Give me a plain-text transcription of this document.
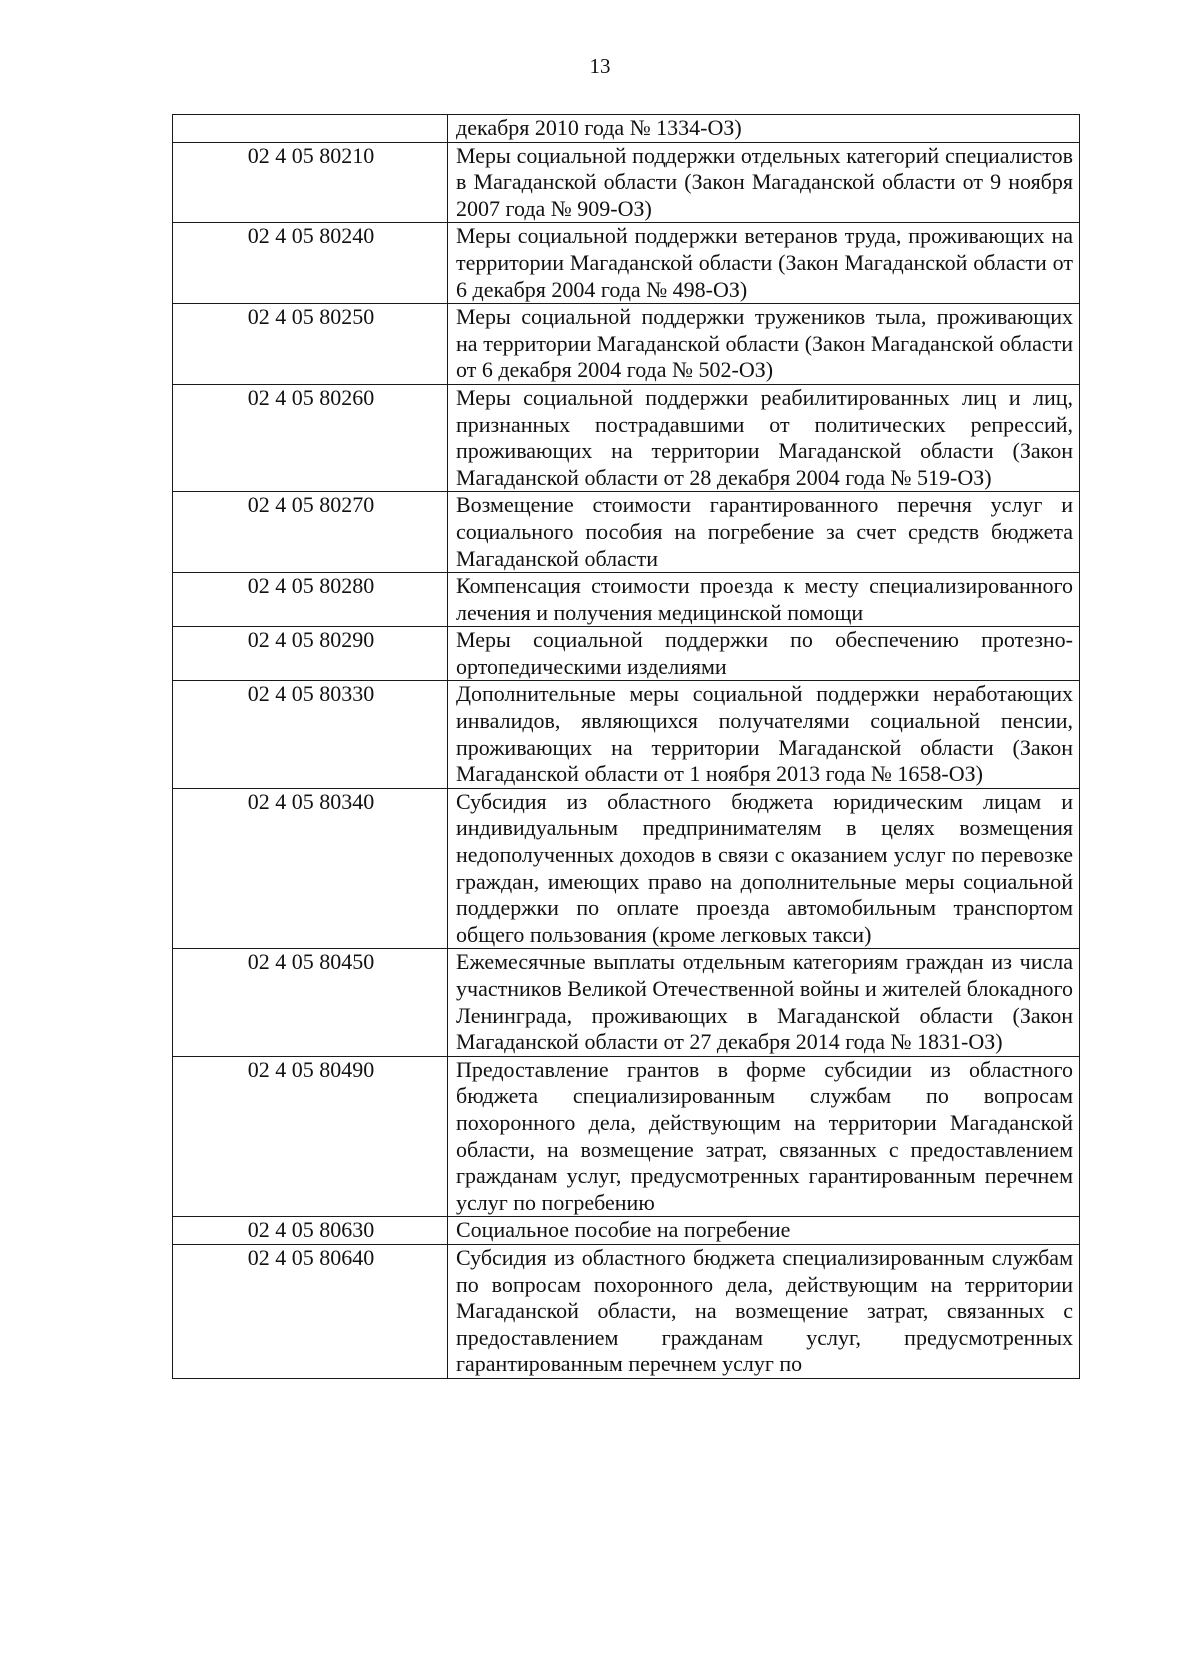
13
	декабря 2010 года № 1334-ОЗ)
02 4 05 80210	Меры социальной поддержки отдельных категорий специалистов в Магаданской области (Закон Магаданской области от 9 ноября 2007 года № 909-ОЗ)
02 4 05 80240	Меры социальной поддержки ветеранов труда, проживающих на территории Магаданской области (Закон Магаданской области от 6 декабря 2004 года № 498-ОЗ)
02 4 05 80250	Меры социальной поддержки тружеников тыла, проживающих на территории Магаданской области (Закон Магаданской области от 6 декабря 2004 года № 502-ОЗ)
02 4 05 80260	Меры социальной поддержки реабилитированных лиц и лиц, признанных пострадавшими от политических репрессий, проживающих на территории Магаданской области (Закон Магаданской области от 28 декабря 2004 года № 519-ОЗ)
02 4 05 80270	Возмещение стоимости гарантированного перечня услуг и социального пособия на погребение за счет средств бюджета Магаданской области
02 4 05 80280	Компенсация стоимости проезда к месту специализированного лечения и получения медицинской помощи
02 4 05 80290	Меры социальной поддержки по обеспечению протезно-ортопедическими изделиями
02 4 05 80330	Дополнительные меры социальной поддержки неработающих инвалидов, являющихся получателями социальной пенсии, проживающих на территории Магаданской области (Закон Магаданской области от 1 ноября 2013 года № 1658-ОЗ)
02 4 05 80340	Субсидия из областного бюджета юридическим лицам и индивидуальным предпринимателям в целях возмещения недополученных доходов в связи с оказанием услуг по перевозке граждан, имеющих право на дополнительные меры социальной поддержки по оплате проезда автомобильным транспортом общего пользования (кроме легковых такси)
02 4 05 80450	Ежемесячные выплаты отдельным категориям граждан из числа участников Великой Отечественной войны и жителей блокадного Ленинграда, проживающих в Магаданской области (Закон Магаданской области от 27 декабря 2014 года № 1831-ОЗ)
02 4 05 80490	Предоставление грантов в форме субсидии из областного бюджета специализированным службам по вопросам похоронного дела, действующим на территории Магаданской области, на возмещение затрат, связанных с предоставлением гражданам услуг, предусмотренных гарантированным перечнем услуг по погребению
02 4 05 80630	Социальное пособие на погребение
02 4 05 80640	Субсидия из областного бюджета специализированным службам по вопросам похоронного дела, действующим на территории Магаданской области, на возмещение затрат, связанных с предоставлением гражданам услуг, предусмотренных гарантированным перечнем услуг по
